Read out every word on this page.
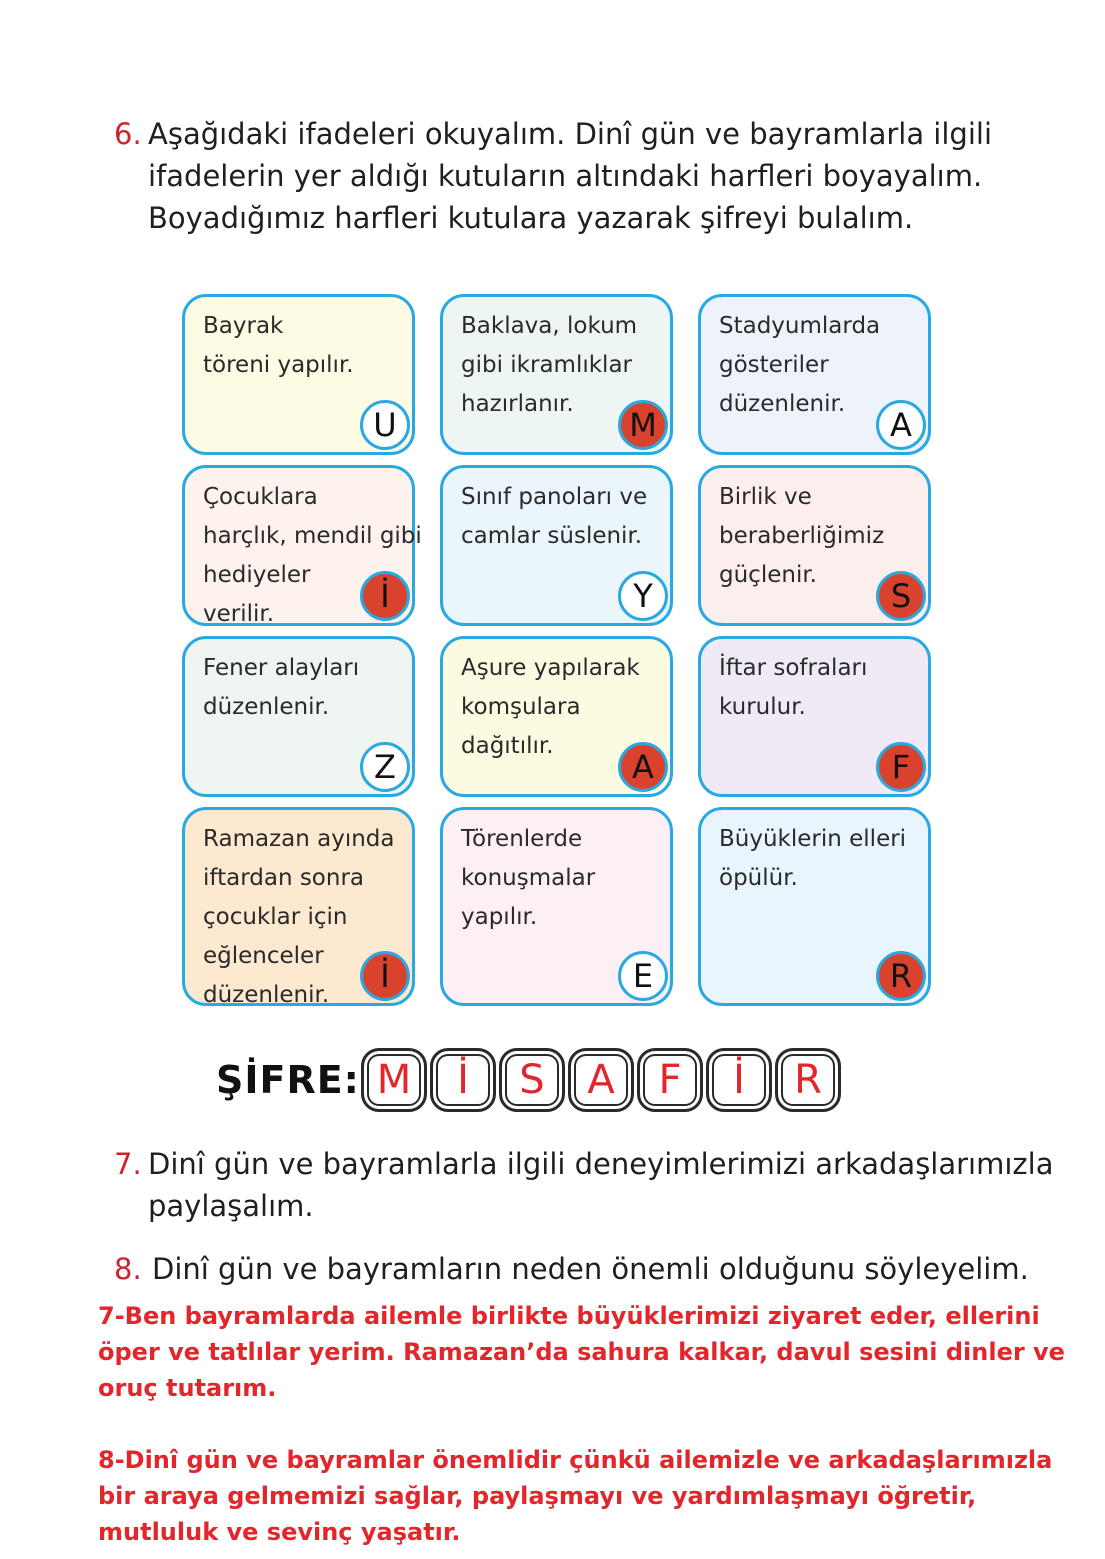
6. Aşağıdaki ifadeleri okuyalım. Dinî gün ve bayramlarla ilgili
ifadelerin yer aldığı kutuların altındaki harfleri boyayalım.
Boyadığımız harfleri kutulara yazarak şifreyi bulalım.
Bayrak
töreni yapılır.
U
Baklava, lokum
gibi ikramlıklar
hazırlanır.
M
Stadyumlarda
gösteriler
düzenlenir.
A
Çocuklara
harçlık, mendil gibi
hediyeler
verilir.	İ
Sınıf panoları ve
camlar süslenir.
Y
Birlik ve
beraberliğimiz
güçlenir.
S
Fener alayları
düzenlenir.
Z
Aşure yapılarak
komşulara
dağıtılır.
A
İftar sofraları
kurulur.
F
Ramazan ayında
iftardan sonra
çocuklar için
eğlenceler
düzenlenir.	İ
Törenlerde
konuşmalar
yapılır.
E
Büyüklerin elleri
öpülür.
R
ŞİFRE: M	İ	S	A	F	İ	R
7. Dinî gün ve bayramlarla ilgili deneyimlerimizi arkadaşlarımızla
paylaşalım.
8. Dinî gün ve bayramların neden önemli olduğunu söyleyelim.
7-Ben bayramlarda ailemle birlikte büyüklerimizi ziyaret eder, ellerini
öper ve tatlılar yerim. Ramazan’da sahura kalkar, davul sesini dinler ve
oruç tutarım.
8-Dinî gün ve bayramlar önemlidir çünkü ailemizle ve arkadaşlarımızla
bir araya gelmemizi sağlar, paylaşmayı ve yardımlaşmayı öğretir,
mutluluk ve sevinç yaşatır.
